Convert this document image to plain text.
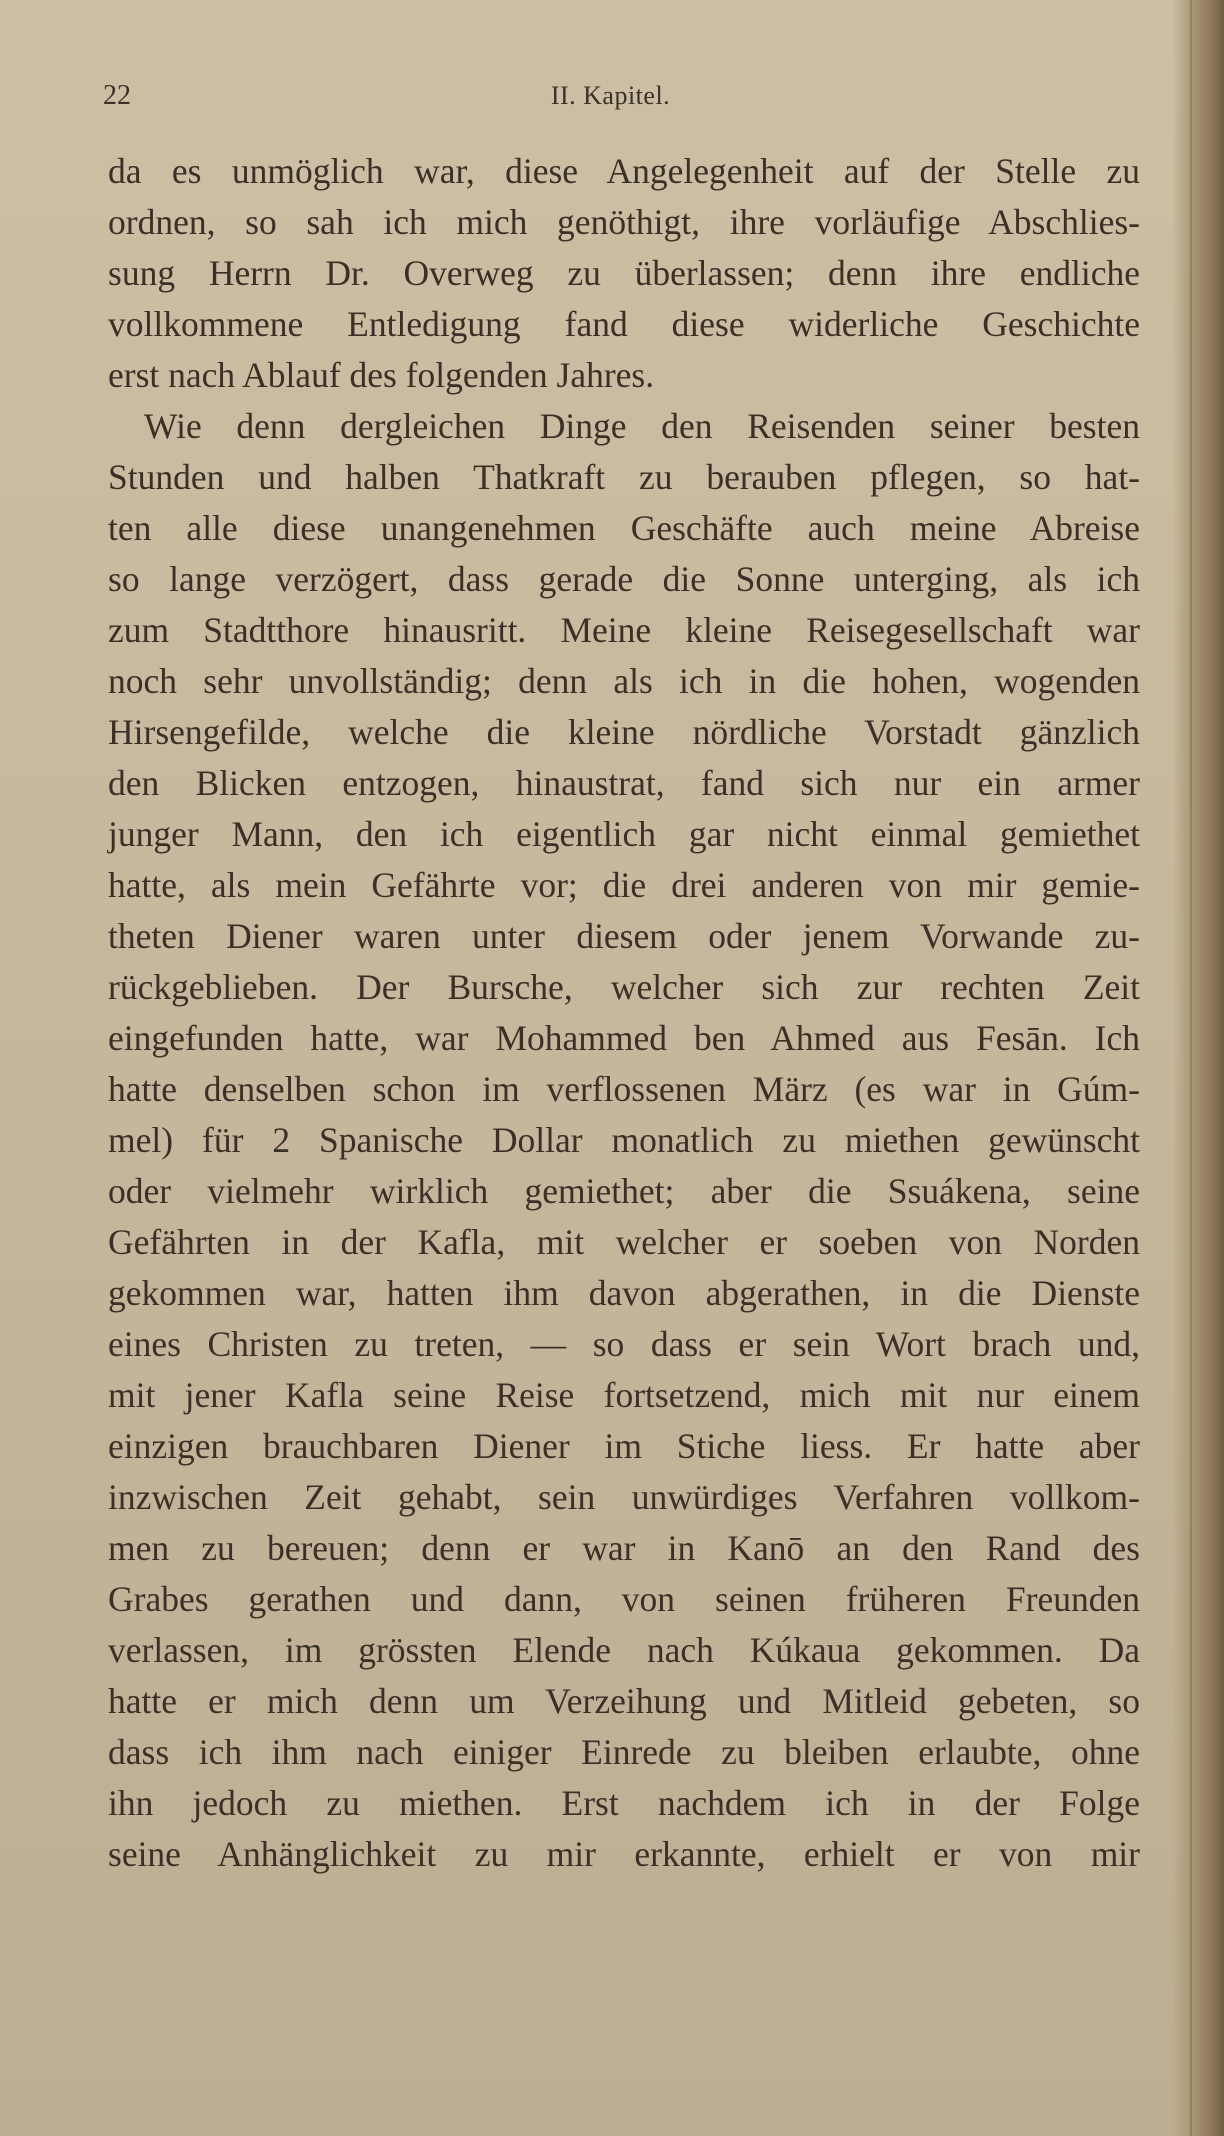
22	II. Kapitel.
da es unmöglich war, diese Angelegenheit auf der Stelle zu
ordnen, so sah ich mich genöthigt, ihre vorläufige Abschlies-
sung Herrn Dr. Overweg zu überlassen; denn ihre endliche
vollkommene Entledigung fand diese widerliche Geschichte
erst nach Ablauf des folgenden Jahres.
Wie denn dergleichen Dinge den Reisenden seiner besten
Stunden und halben Thatkraft zu berauben pflegen, so hat-
ten alle diese unangenehmen Geschäfte auch meine Abreise
so lange verzögert, dass gerade die Sonne unterging, als ich
zum Stadtthore hinausritt. Meine kleine Reisegesellschaft war
noch sehr unvollständig; denn als ich in die hohen, wogenden
Hirsengefilde, welche die kleine nördliche Vorstadt gänzlich
den Blicken entzogen, hinaustrat, fand sich nur ein armer
junger Mann, den ich eigentlich gar nicht einmal gemiethet
hatte, als mein Gefährte vor; die drei anderen von mir gemie-
theten Diener waren unter diesem oder jenem Vorwande zu-
rückgeblieben. Der Bursche, welcher sich zur rechten Zeit
eingefunden hatte, war Mohammed ben Ahmed aus Fesān. Ich
hatte denselben schon im verflossenen März (es war in Gúm-
mel) für 2 Spanische Dollar monatlich zu miethen gewünscht
oder vielmehr wirklich gemiethet; aber die Ssuákena, seine
Gefährten in der Kafla, mit welcher er soeben von Norden
gekommen war, hatten ihm davon abgerathen, in die Dienste
eines Christen zu treten, — so dass er sein Wort brach und,
mit jener Kafla seine Reise fortsetzend, mich mit nur einem
einzigen brauchbaren Diener im Stiche liess. Er hatte aber
inzwischen Zeit gehabt, sein unwürdiges Verfahren vollkom-
men zu bereuen; denn er war in Kanō an den Rand des
Grabes gerathen und dann, von seinen früheren Freunden
verlassen, im grössten Elende nach Kúkaua gekommen. Da
hatte er mich denn um Verzeihung und Mitleid gebeten, so
dass ich ihm nach einiger Einrede zu bleiben erlaubte, ohne
ihn jedoch zu miethen. Erst nachdem ich in der Folge
seine Anhänglichkeit zu mir erkannte, erhielt er von mir
